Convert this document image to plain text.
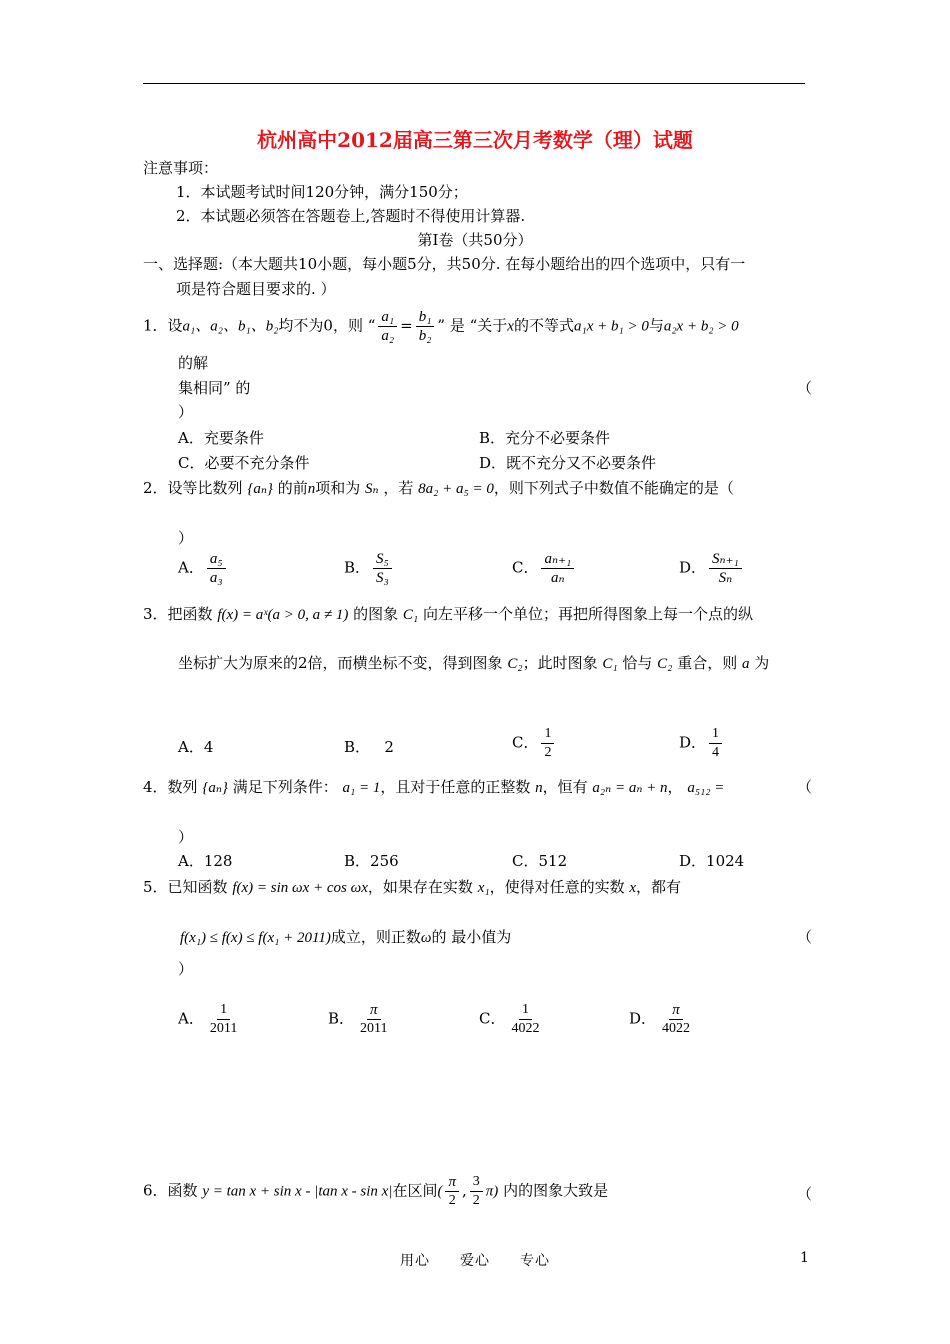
杭州高中2012届高三第三次月考数学（理）试题
注意事项：
1．本试题考试时间120分钟，满分150分；
2．本试题必须答在答题卷上,答题时不得使用计算器.
第Ⅰ卷（共50分）
一、选择题:（本大题共10小题，每小题5分，共50分. 在每小题给出的四个选项中，只有一
项是符合题目要求的. ）
1．设a₁、a₂、b₁、b₂均不为0，则 “ $\frac{\text{a₁}}{\text{a₂}} = \frac{\text{b₁}}{\text{b₂}}$ ” 是 “关于x的不等式a₁x + b₁ > 0与a₂x + b₂ > 0
的解
集相同” 的	（
）
A．充要条件	B．充分不必要条件
C．必要不充分条件	D．既不充分又不必要条件
2．设等比数列 {aₙ} 的前n项和为 Sₙ ，若 8a₂ + a₅ = 0，则下列式子中数值不能确定的是（
）
A． $\frac{\text{a₅}}{\text{a₃}}$	B． $\frac{\text{S₅}}{\text{S₃}}$	C． $\frac{\text{aₙ₊₁}}{\text{aₙ}}$	D． $\frac{\text{Sₙ₊₁}}{\text{Sₙ}}$
3．把函数 f(x) = aˣ(a > 0, a ≠ 1) 的图象 C₁ 向左平移一个单位；再把所得图象上每一个点的纵
坐标扩大为原来的2倍，而横坐标不变，得到图象 C₂；此时图象 C₁ 恰与 C₂ 重合，则 a 为
A．4	B． 2	C． $\frac{1}{2}$	D． $\frac{1}{4}$
4．数列 {aₙ} 满足下列条件： a₁ = 1，且对于任意的正整数 n，恒有 a₂ₙ = aₙ + n， a₅₁₂ =	（
）
A．128	B．256	C．512	D．1024
5．已知函数 f(x) = sin ωx + cos ωx，如果存在实数 x₁，使得对任意的实数 x，都有
f(x₁) ≤ f(x) ≤ f(x₁ + 2011)成立，则正数ω的 最小值为	（
）
A． $\frac{1}{2011}$	B． $\frac{\pi}{2011}$	C． $\frac{1}{4022}$	D． $\frac{\pi}{4022}$
6．函数 y = tan x + sin x - |tan x - sin x|在区间( $\frac{\pi}{2}$ , $\frac{3}{2} \pi$) 内的图象大致是	（
用心　　爱心　　专心	1
